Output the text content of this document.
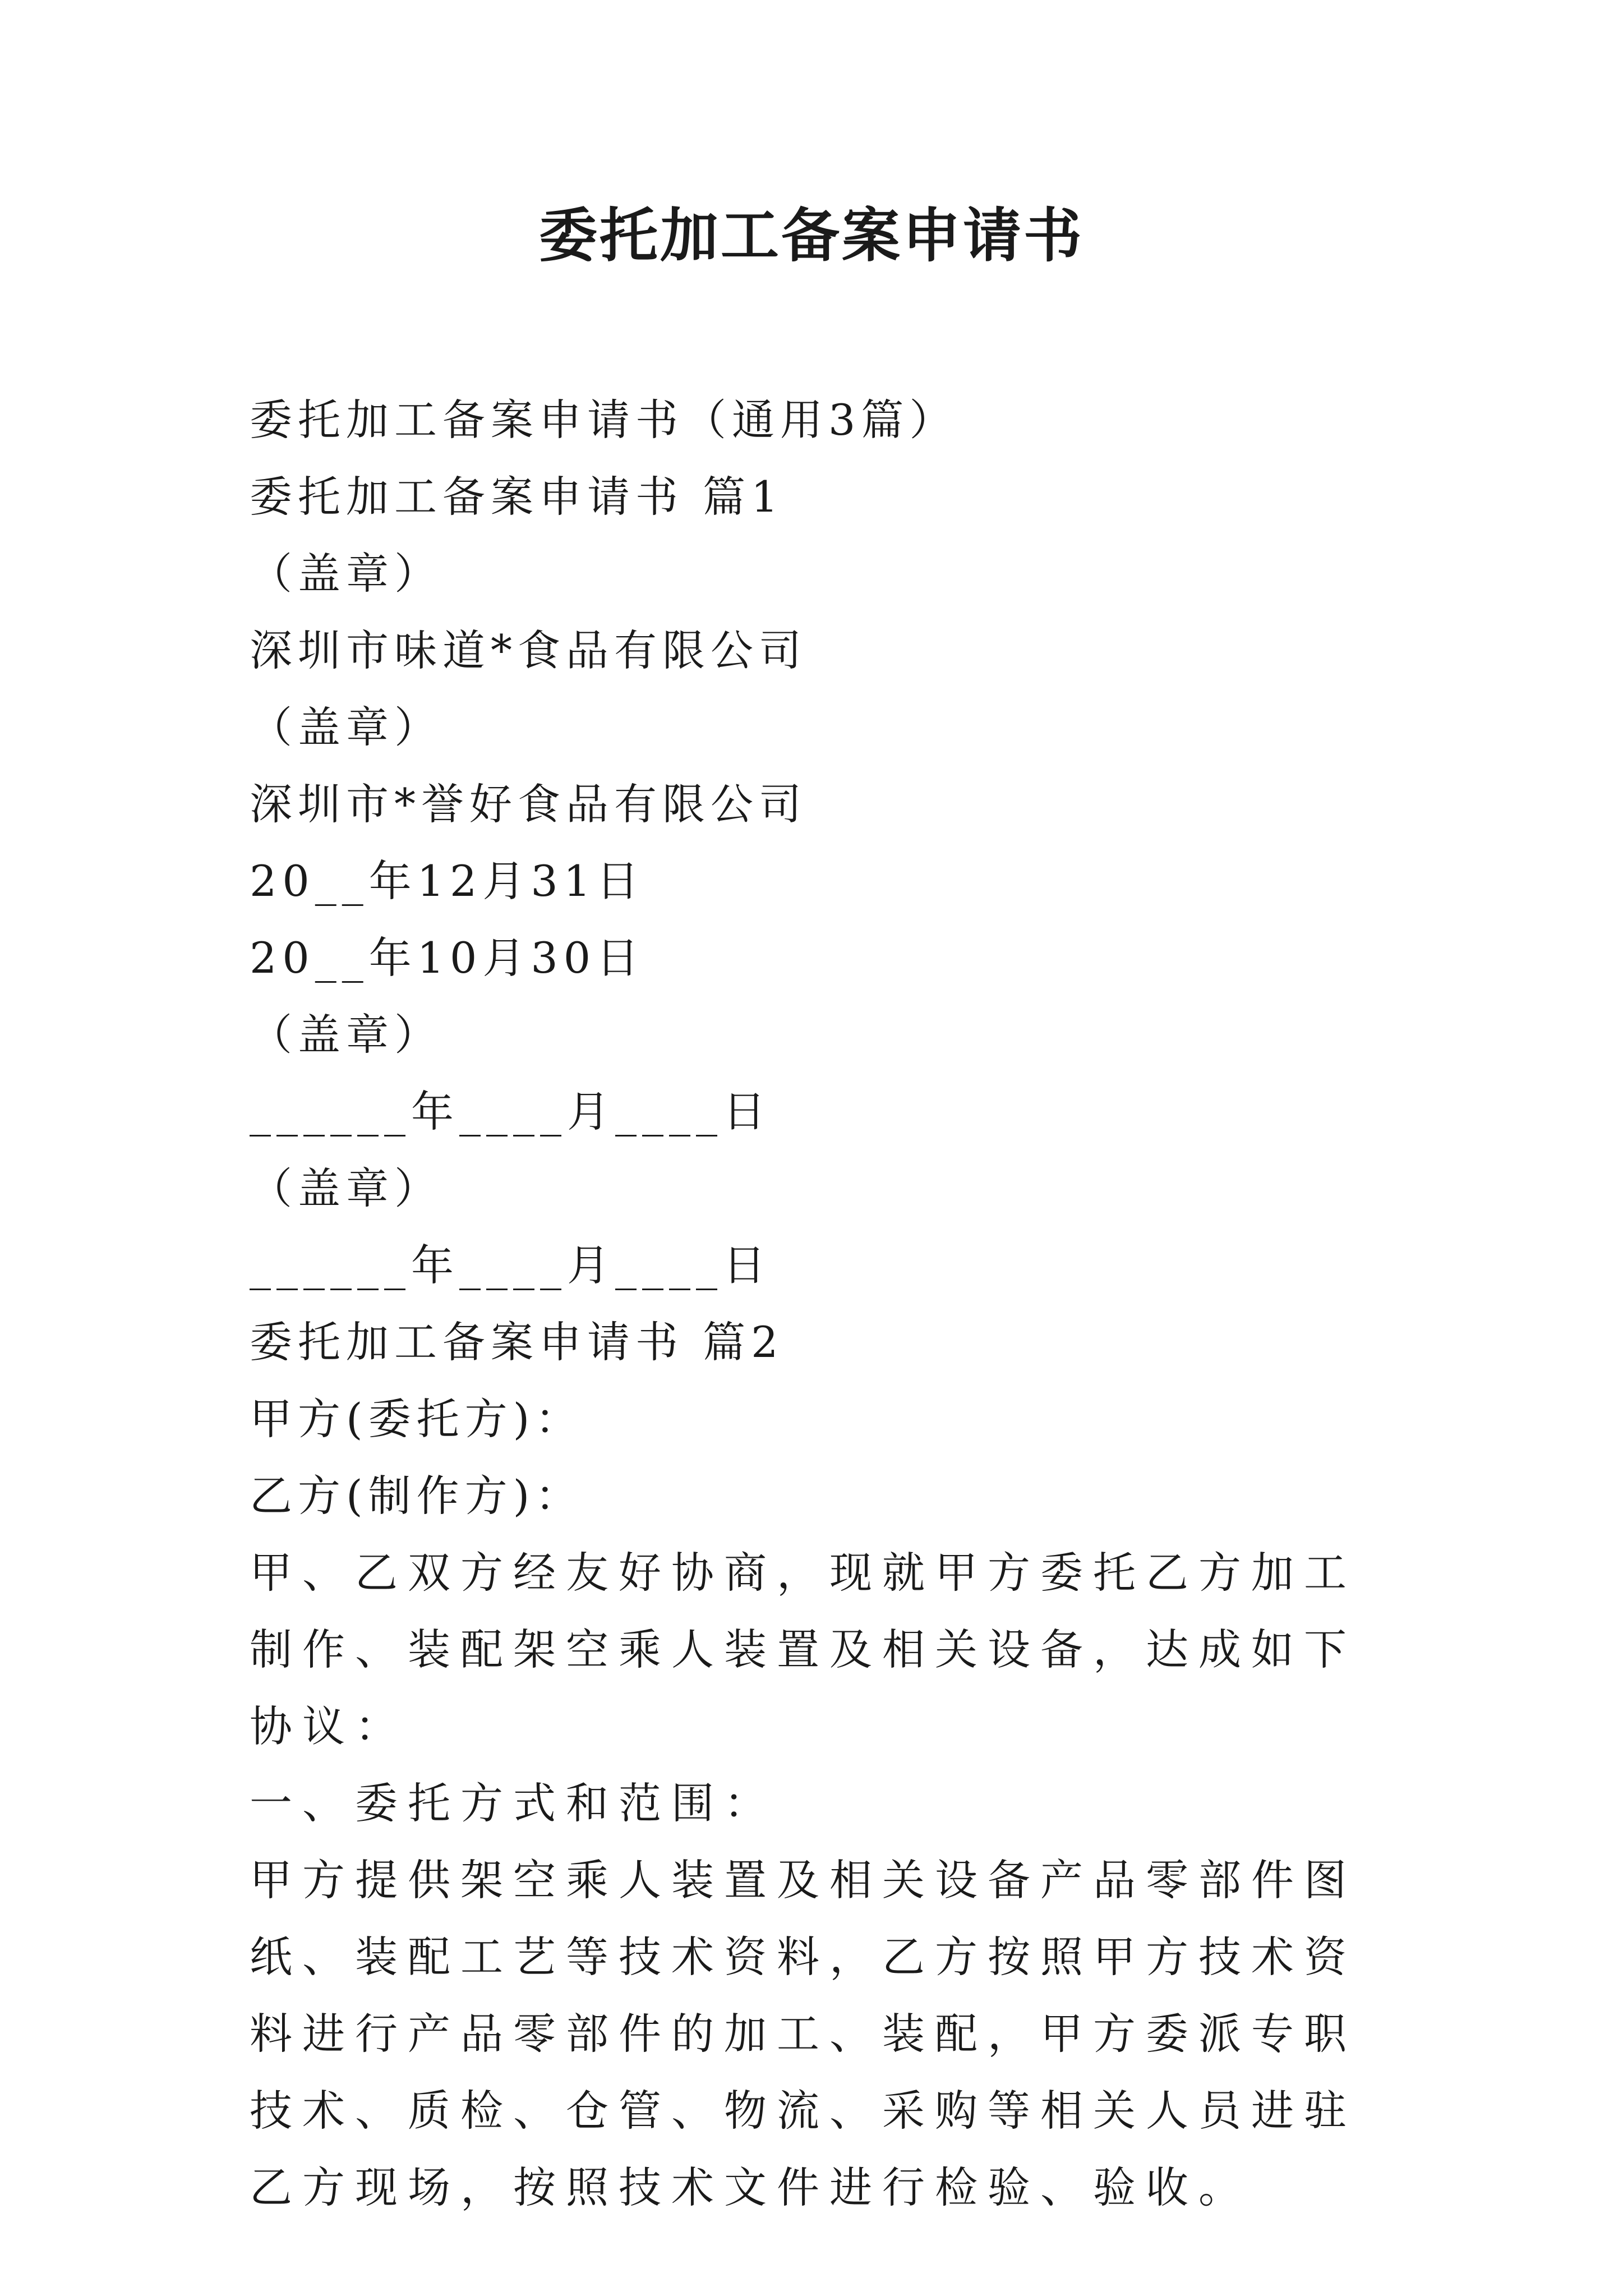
委托加工备案申请书

委托加工备案申请书（通用3篇）

委托加工备案申请书 篇1

（盖章）

深圳市味道*食品有限公司

（盖章）

深圳市*誉好食品有限公司

20__年12月31日

20__年10月30日

（盖章）

______年____月____日

（盖章）

______年____月____日

委托加工备案申请书 篇2

甲方(委托方)：

乙方(制作方)：

甲、乙双方经友好协商，现就甲方委托乙方加工制作、装配架空乘人装置及相关设备，达成如下协议：

一、委托方式和范围：

甲方提供架空乘人装置及相关设备产品零部件图纸、装配工艺等技术资料，乙方按照甲方技术资料进行产品零部件的加工、装配，甲方委派专职技术、质检、仓管、物流、采购等相关人员进驻乙方现场，按照技术文件进行检验、验收。
